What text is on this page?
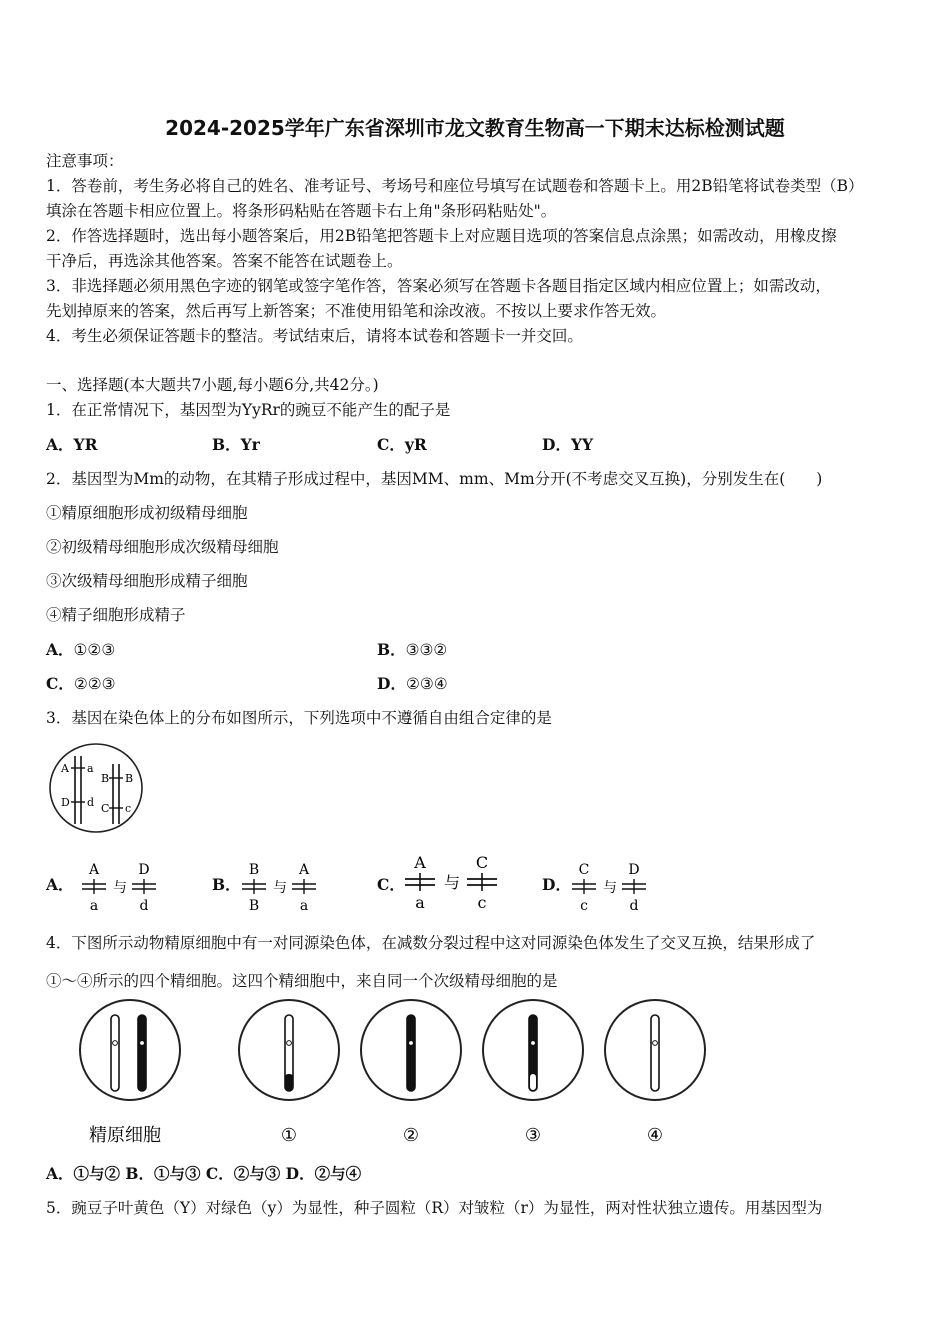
2024-2025学年广东省深圳市龙文教育生物高一下期末达标检测试题
注意事项：
1．答卷前，考生务必将自己的姓名、准考证号、考场号和座位号填写在试题卷和答题卡上。用2B铅笔将试卷类型（B）
填涂在答题卡相应位置上。将条形码粘贴在答题卡右上角"条形码粘贴处"。
2．作答选择题时，选出每小题答案后，用2B铅笔把答题卡上对应题目选项的答案信息点涂黑；如需改动，用橡皮擦
干净后，再选涂其他答案。答案不能答在试题卷上。
3．非选择题必须用黑色字迹的钢笔或签字笔作答，答案必须写在答题卡各题目指定区域内相应位置上；如需改动，
先划掉原来的答案，然后再写上新答案；不准使用铅笔和涂改液。不按以上要求作答无效。
4．考生必须保证答题卡的整洁。考试结束后，请将本试卷和答题卡一并交回。
一、选择题(本大题共7小题,每小题6分,共42分。)
1．在正常情况下，基因型为YyRr的豌豆不能产生的配子是
A．YR	B．Yr	C．yR	D．YY
2．基因型为Mm的动物，在其精子形成过程中，基因MM、mm、Mm分开(不考虑交叉互换)，分别发生在(　　)
①精原细胞形成初级精母细胞
②初级精母细胞形成次级精母细胞
③次级精母细胞形成精子细胞
④精子细胞形成精子
A．①②③	B．③③②
C．②②③	D．②③④
3．基因在染色体上的分布如图所示，下列选项中不遵循自由组合定律的是
A a
D d
B B
C c
A．
A
a
与
D
d
B．
B
B
与
A
a
C．
A
a
与
C
c
D．
C
c
与
D
d
4．下图所示动物精原细胞中有一对同源染色体，在减数分裂过程中这对同源染色体发生了交叉互换，结果形成了
①～④所示的四个精细胞。这四个精细胞中，来自同一个次级精母细胞的是
精原细胞	①	②	③	④
A．①与② B．①与③ C．②与③ D．②与④
5．豌豆子叶黄色（Y）对绿色（y）为显性，种子圆粒（R）对皱粒（r）为显性，两对性状独立遗传。用基因型为
